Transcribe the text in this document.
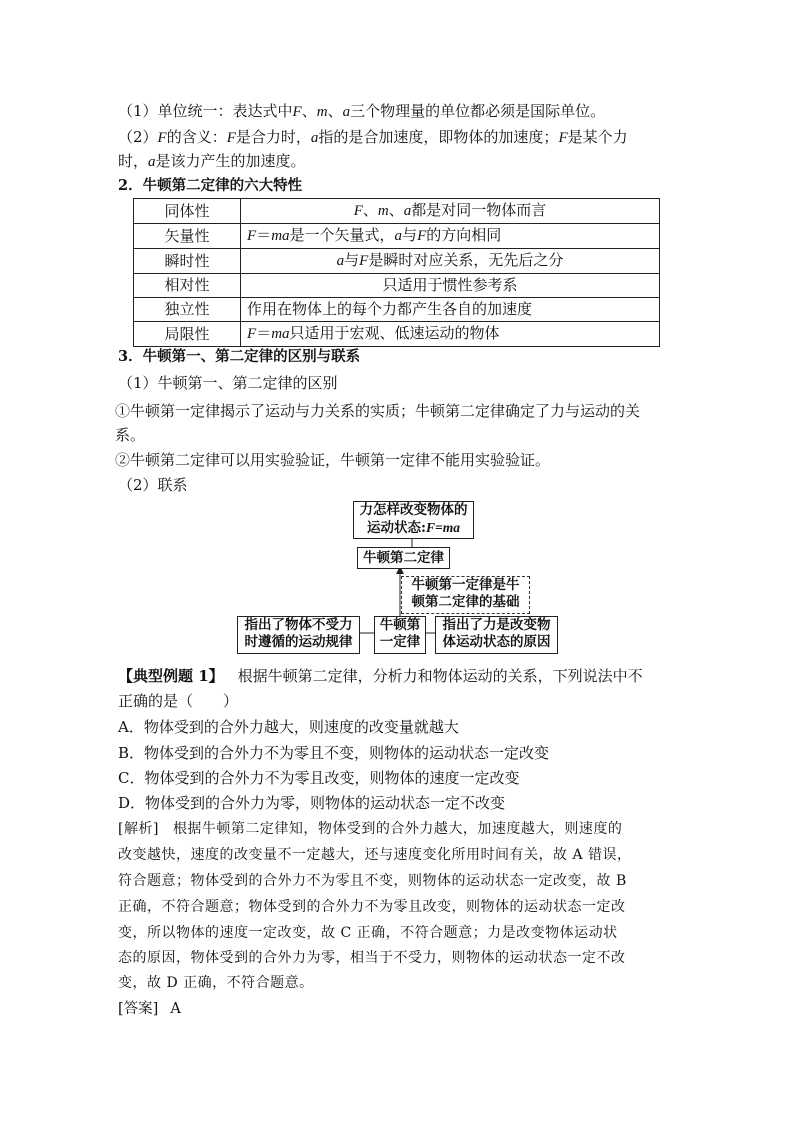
（1）单位统一：表达式中F、m、a三个物理量的单位都必须是国际单位。
（2）F的含义：F是合力时，a指的是合加速度，即物体的加速度；F是某个力
时，a是该力产生的加速度。
2．牛顿第二定律的六大特性
同体性	F、m、a都是对同一物体而言
矢量性	F＝ma是一个矢量式，a与F的方向相同
瞬时性	a与F是瞬时对应关系，无先后之分
相对性	只适用于惯性参考系
独立性	作用在物体上的每个力都产生各自的加速度
局限性	F＝ma只适用于宏观、低速运动的物体
3．牛顿第一、第二定律的区别与联系
（1）牛顿第一、第二定律的区别
①牛顿第一定律揭示了运动与力关系的实质；牛顿第二定律确定了力与运动的关
系。
②牛顿第二定律可以用实验验证，牛顿第一定律不能用实验验证。
（2）联系
力怎样改变物体的
运动状态:F=ma
牛顿第二定律
牛顿第一定律是牛
顿第二定律的基础
指出了物体不受力
时遵循的运动规律
牛顿第
一定律
指出了力是改变物
体运动状态的原因
【典型例题 1】 根据牛顿第二定律，分析力和物体运动的关系，下列说法中不
正确的是（　　）
A．物体受到的合外力越大，则速度的改变量就越大
B．物体受到的合外力不为零且不变，则物体的运动状态一定改变
C．物体受到的合外力不为零且改变，则物体的速度一定改变
D．物体受到的合外力为零，则物体的运动状态一定不改变
[解析] 根据牛顿第二定律知，物体受到的合外力越大，加速度越大，则速度的
改变越快，速度的改变量不一定越大，还与速度变化所用时间有关，故 A 错误，
符合题意；物体受到的合外力不为零且不变，则物体的运动状态一定改变，故 B
正确，不符合题意；物体受到的合外力不为零且改变，则物体的运动状态一定改
变，所以物体的速度一定改变，故 C 正确，不符合题意；力是改变物体运动状
态的原因，物体受到的合外力为零，相当于不受力，则物体的运动状态一定不改
变，故 D 正确，不符合题意。
[答案] A
